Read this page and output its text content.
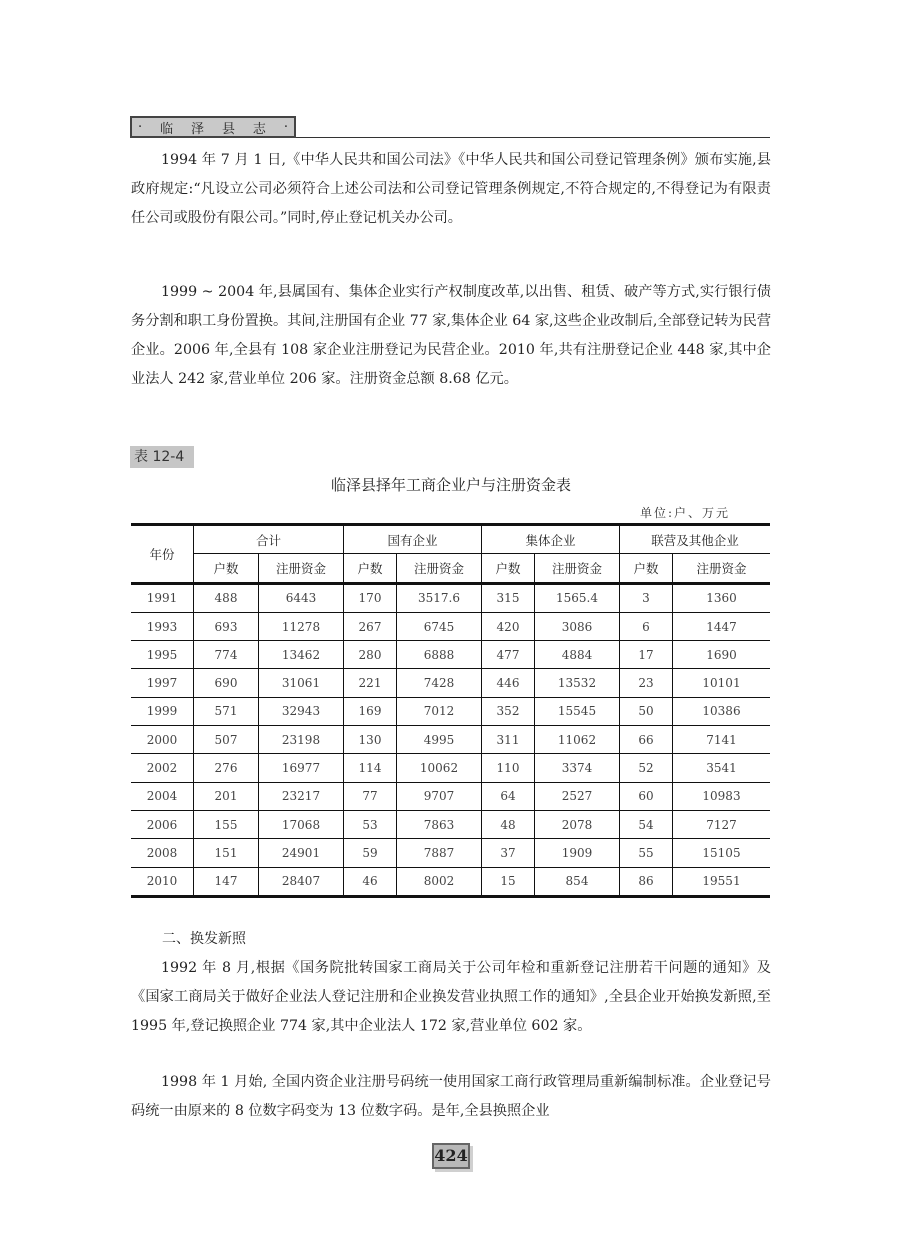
· 临 泽 县 志 ·

1994 年 7 月 1 日,《中华人民共和国公司法》《中华人民共和国公司登记管理条例》颁布实施,县政府规定:“凡设立公司必须符合上述公司法和公司登记管理条例规定,不符合规定的,不得登记为有限责任公司或股份有限公司。”同时,停止登记机关办公司。

1999 ~ 2004 年,县属国有、集体企业实行产权制度改革,以出售、租赁、破产等方式,实行银行债务分割和职工身份置换。其间,注册国有企业 77 家,集体企业 64 家,这些企业改制后,全部登记转为民营企业。2006 年,全县有 108 家企业注册登记为民营企业。2010 年,共有注册登记企业 448 家,其中企业法人 242 家,营业单位 206 家。注册资金总额 8.68 亿元。

表 12-4
临泽县择年工商企业户与注册资金表
单位:户、万元
年份	合计		国有企业		集体企业		联营及其他企业	
	户数	注册资金	户数	注册资金	户数	注册资金	户数	注册资金
1991	488	6443	170	3517.6	315	1565.4	3	1360
1993	693	11278	267	6745	420	3086	6	1447
1995	774	13462	280	6888	477	4884	17	1690
1997	690	31061	221	7428	446	13532	23	10101
1999	571	32943	169	7012	352	15545	50	10386
2000	507	23198	130	4995	311	11062	66	7141
2002	276	16977	114	10062	110	3374	52	3541
2004	201	23217	77	9707	64	2527	60	10983
2006	155	17068	53	7863	48	2078	54	7127
2008	151	24901	59	7887	37	1909	55	15105
2010	147	28407	46	8002	15	854	86	19551
二、换发新照

1992 年 8 月,根据《国务院批转国家工商局关于公司年检和重新登记注册若干问题的通知》及《国家工商局关于做好企业法人登记注册和企业换发营业执照工作的通知》,全县企业开始换发新照,至 1995 年,登记换照企业 774 家,其中企业法人 172 家,营业单位 602 家。

1998 年 1 月始, 全国内资企业注册号码统一使用国家工商行政管理局重新编制标准。企业登记号码统一由原来的 8 位数字码变为 13 位数字码。是年,全县换照企业

424
